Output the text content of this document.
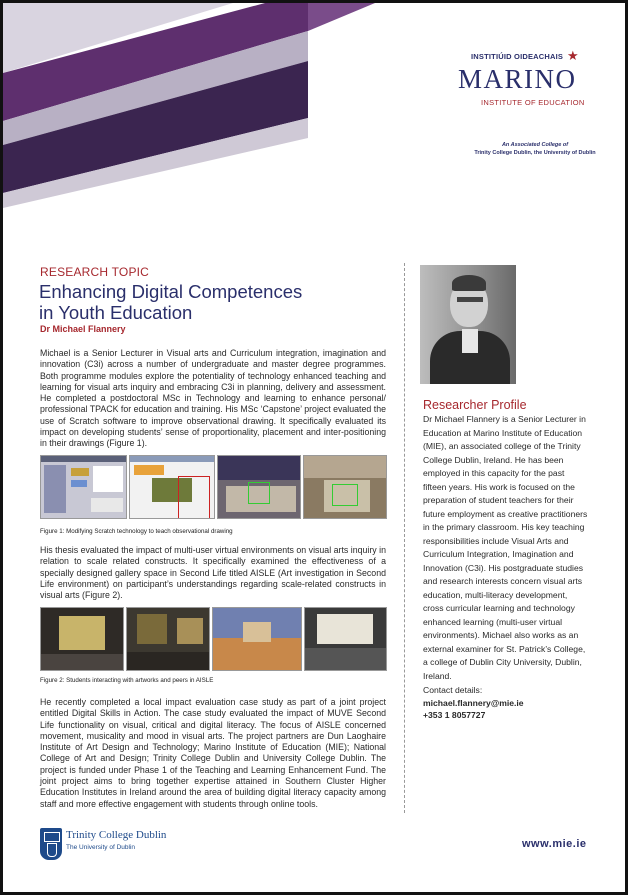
INSTITIÚID OIDEACHAIS ★
MARINO
INSTITUTE OF EDUCATION
An Associated College of
Trinity College Dublin, the University of Dublin
RESEARCH TOPIC
Enhancing Digital Competences
in Youth Education
Dr Michael Flannery

Michael is a Senior Lecturer in Visual arts and Curriculum integration, imagination and innovation (C3i) across a number of undergraduate and master degree programmes. Both programme modules explore the potentiality of technology enhanced teaching and learning for visual arts inquiry and embracing C3i in planning, delivery and assessment. He completed a postdoctoral MSc in Technology and learning to enhance personal/ professional TPACK for education and training. His MSc ‘Capstone’ project evaluated the use of Scratch software to improve observational drawing. It specifically evaluated its impact on developing students’ sense of proportionality, placement and inter-positioning in their drawings (Figure 1).

Figure 1: Modifying Scratch technology to teach observational drawing

His thesis evaluated the impact of multi-user virtual environments on visual arts inquiry in relation to scale related constructs. It specifically examined the effectiveness of a specially designed gallery space in Second Life titled AISLE (Art investigation in Second Life environment) on participant’s understandings regarding scale-related constructs in visual arts (Figure 2).

Figure 2: Students interacting with artworks and peers in AISLE

He recently completed a local impact evaluation case study as part of a joint project entitled Digital Skills in Action. The case study evaluated the impact of MUVE Second Life functionality on visual, critical and digital literacy. The focus of AISLE concerned movement, musicality and mood in visual arts. The project partners are Dun Laoghaire Institute of Art Design and Technology; Marino Institute of Education (MIE); National College of Art and Design; Trinity College Dublin and University College Dublin. The project is funded under Phase 1 of the Teaching and Learning Enhancement Fund. The joint project aims to bring together expertise attained in Southern Cluster Higher Education Institutes in Ireland around the area of building digital literacy capacity among staff and more effective engagement with students through online tools.

Researcher Profile
Dr Michael Flannery is a Senior Lecturer in
Education at Marino Institute of Education
(MIE), an associated college of the Trinity
College Dublin, Ireland. He has been
employed in this capacity for the past
fifteen years. His work is focused on the
preparation of student teachers for their
future employment as creative practitioners
in the primary classroom. His key teaching
responsibilities include Visual Arts and
Curriculum Integration, Imagination and
Innovation (C3i). His postgraduate studies
and research interests concern visual arts
education, multi-literacy development,
cross curricular learning and technology
enhanced learning (multi-user virtual
environments). Michael also works as an
external examiner for St. Patrick’s College,
a college of Dublin City University, Dublin,
Ireland.
Contact details:
michael.flannery@mie.ie
+353 1 8057727
Trinity College Dublin
The University of Dublin	www.mie.ie
